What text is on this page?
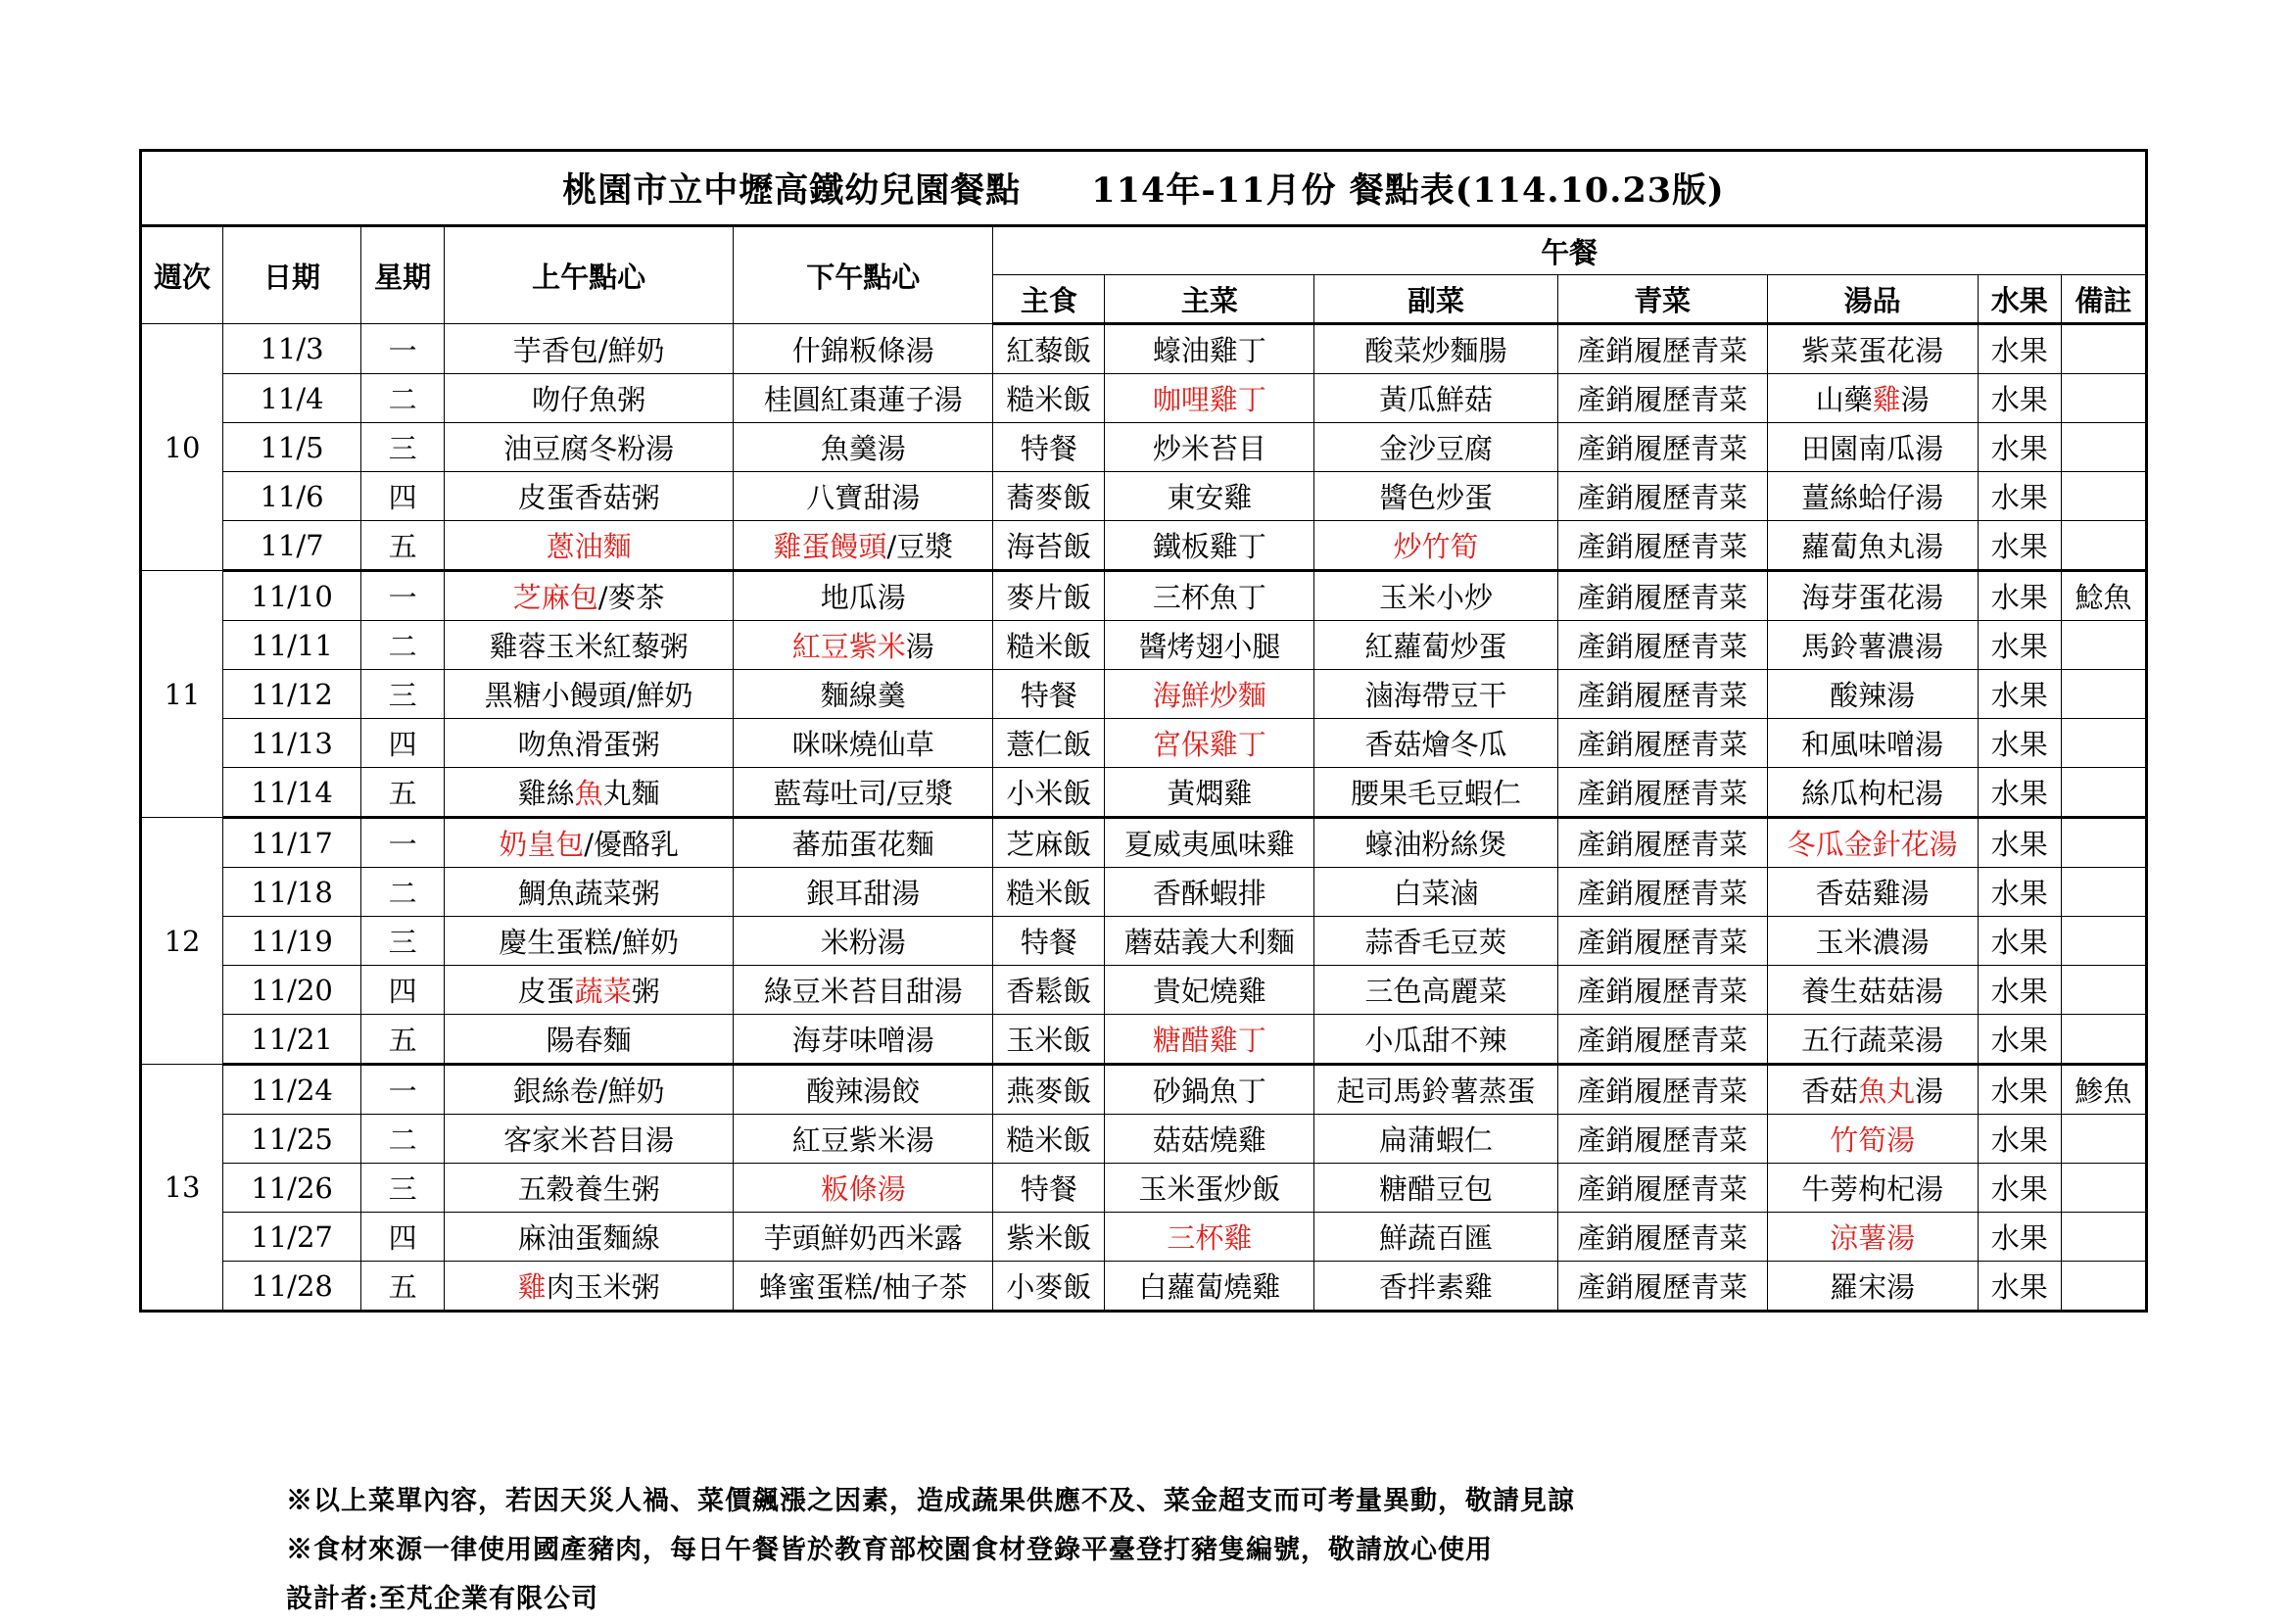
桃園市立中壢高鐵幼兒園餐點　　114年-11月份 餐點表(114.10.23版)											
週次	日期	星期	上午點心	下午點心	午餐						
					主食	主菜	副菜	青菜	湯品	水果	備註
10	11/3	一	芋香包/鮮奶	什錦粄條湯	紅藜飯	蠔油雞丁	酸菜炒麵腸	產銷履歷青菜	紫菜蛋花湯	水果	
	11/4	二	吻仔魚粥	桂圓紅棗蓮子湯	糙米飯	咖哩雞丁	黃瓜鮮菇	產銷履歷青菜	山藥雞湯	水果	
	11/5	三	油豆腐冬粉湯	魚羹湯	特餐	炒米苔目	金沙豆腐	產銷履歷青菜	田園南瓜湯	水果	
	11/6	四	皮蛋香菇粥	八寶甜湯	蕎麥飯	東安雞	醬色炒蛋	產銷履歷青菜	薑絲蛤仔湯	水果	
	11/7	五	蔥油麵	雞蛋饅頭/豆漿	海苔飯	鐵板雞丁	炒竹筍	產銷履歷青菜	蘿蔔魚丸湯	水果	
11	11/10	一	芝麻包/麥茶	地瓜湯	麥片飯	三杯魚丁	玉米小炒	產銷履歷青菜	海芽蛋花湯	水果	鯰魚
	11/11	二	雞蓉玉米紅藜粥	紅豆紫米湯	糙米飯	醬烤翅小腿	紅蘿蔔炒蛋	產銷履歷青菜	馬鈴薯濃湯	水果	
	11/12	三	黑糖小饅頭/鮮奶	麵線羹	特餐	海鮮炒麵	滷海帶豆干	產銷履歷青菜	酸辣湯	水果	
	11/13	四	吻魚滑蛋粥	咪咪燒仙草	薏仁飯	宮保雞丁	香菇燴冬瓜	產銷履歷青菜	和風味噌湯	水果	
	11/14	五	雞絲魚丸麵	藍莓吐司/豆漿	小米飯	黃燜雞	腰果毛豆蝦仁	產銷履歷青菜	絲瓜枸杞湯	水果	
12	11/17	一	奶皇包/優酪乳	蕃茄蛋花麵	芝麻飯	夏威夷風味雞	蠔油粉絲煲	產銷履歷青菜	冬瓜金針花湯	水果	
	11/18	二	鯛魚蔬菜粥	銀耳甜湯	糙米飯	香酥蝦排	白菜滷	產銷履歷青菜	香菇雞湯	水果	
	11/19	三	慶生蛋糕/鮮奶	米粉湯	特餐	蘑菇義大利麵	蒜香毛豆莢	產銷履歷青菜	玉米濃湯	水果	
	11/20	四	皮蛋蔬菜粥	綠豆米苔目甜湯	香鬆飯	貴妃燒雞	三色高麗菜	產銷履歷青菜	養生菇菇湯	水果	
	11/21	五	陽春麵	海芽味噌湯	玉米飯	糖醋雞丁	小瓜甜不辣	產銷履歷青菜	五行蔬菜湯	水果	
13	11/24	一	銀絲卷/鮮奶	酸辣湯餃	燕麥飯	砂鍋魚丁	起司馬鈴薯蒸蛋	產銷履歷青菜	香菇魚丸湯	水果	鯵魚
	11/25	二	客家米苔目湯	紅豆紫米湯	糙米飯	菇菇燒雞	扁蒲蝦仁	產銷履歷青菜	竹筍湯	水果	
	11/26	三	五穀養生粥	粄條湯	特餐	玉米蛋炒飯	糖醋豆包	產銷履歷青菜	牛蒡枸杞湯	水果	
	11/27	四	麻油蛋麵線	芋頭鮮奶西米露	紫米飯	三杯雞	鮮蔬百匯	產銷履歷青菜	涼薯湯	水果	
	11/28	五	雞肉玉米粥	蜂蜜蛋糕/柚子茶	小麥飯	白蘿蔔燒雞	香拌素雞	產銷履歷青菜	羅宋湯	水果	
※以上菜單內容，若因天災人禍、菜價飆漲之因素，造成蔬果供應不及、菜金超支而可考量異動，敬請見諒
※食材來源一律使用國產豬肉，每日午餐皆於教育部校園食材登錄平臺登打豬隻編號，敬請放心使用
設計者:至芃企業有限公司
